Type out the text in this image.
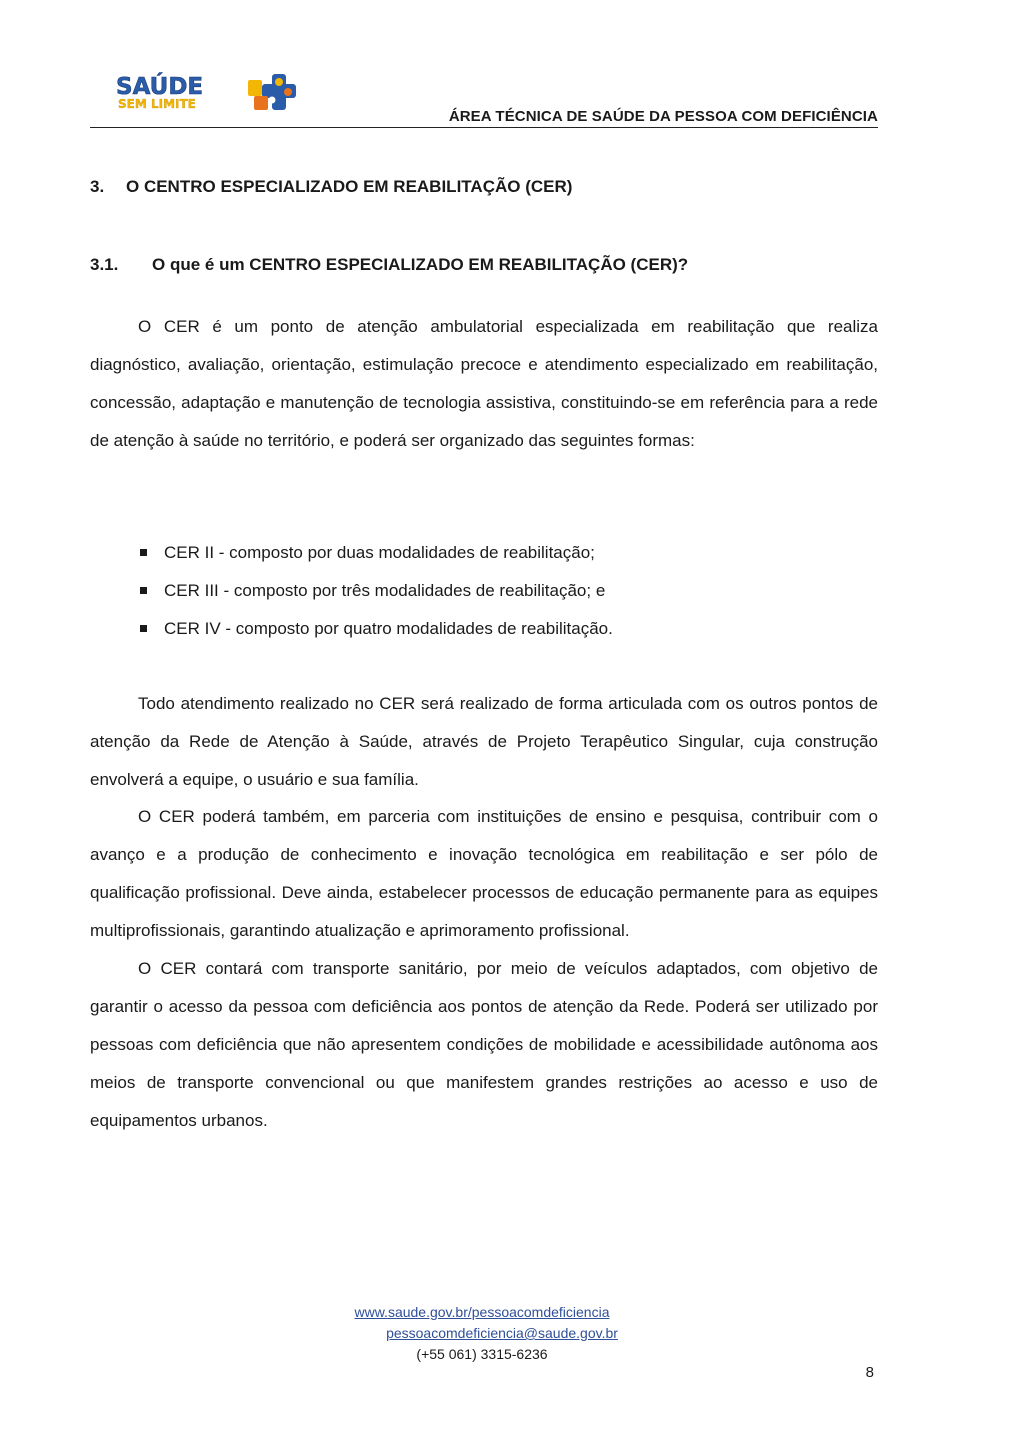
SAÚDE
SEM LIMITE
ÁREA TÉCNICA DE SAÚDE DA PESSOA COM DEFICIÊNCIA
3. O CENTRO ESPECIALIZADO EM REABILITAÇÃO (CER)
3.1. O que é um CENTRO ESPECIALIZADO EM REABILITAÇÃO (CER)?

O CER é um ponto de atenção ambulatorial especializada em reabilitação que realiza diagnóstico, avaliação, orientação, estimulação precoce e atendimento especializado em reabilitação, concessão, adaptação e manutenção de tecnologia assistiva, constituindo-se em referência para a rede de atenção à saúde no território, e poderá ser organizado das seguintes formas:

CER II - composto por duas modalidades de reabilitação;
CER III - composto por três modalidades de reabilitação; e
CER IV - composto por quatro modalidades de reabilitação.

Todo atendimento realizado no CER será realizado de forma articulada com os outros pontos de atenção da Rede de Atenção à Saúde, através de Projeto Terapêutico Singular, cuja construção envolverá a equipe, o usuário e sua família.

O CER poderá também, em parceria com instituições de ensino e pesquisa, contribuir com o avanço e a produção de conhecimento e inovação tecnológica em reabilitação e ser pólo de qualificação profissional. Deve ainda, estabelecer processos de educação permanente para as equipes multiprofissionais, garantindo atualização e aprimoramento profissional.

O CER contará com transporte sanitário, por meio de veículos adaptados, com objetivo de garantir o acesso da pessoa com deficiência aos pontos de atenção da Rede. Poderá ser utilizado por pessoas com deficiência que não apresentem condições de mobilidade e acessibilidade autônoma aos meios de transporte convencional ou que manifestem grandes restrições ao acesso e uso de equipamentos urbanos.

www.saude.gov.br/pessoacomdeficiencia
pessoacomdeficiencia@saude.gov.br
(+55 061) 3315-6236
8
